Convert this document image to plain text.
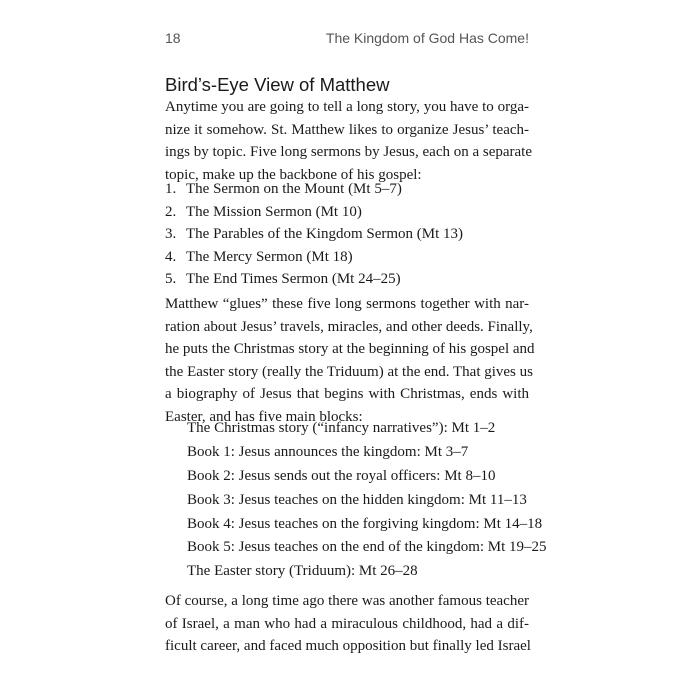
18	The Kingdom of God Has Come!
Bird’s-Eye View of Matthew
Anytime you are going to tell a long story, you have to orga-
nize it somehow. St. Matthew likes to organize Jesus’ teach-
ings by topic. Five long sermons by Jesus, each on a separate
topic, make up the backbone of his gospel:
1. The Sermon on the Mount (Mt 5–7)
2. The Mission Sermon (Mt 10)
3. The Parables of the Kingdom Sermon (Mt 13)
4. The Mercy Sermon (Mt 18)
5. The End Times Sermon (Mt 24–25)
Matthew “glues” these five long sermons together with nar-
ration about Jesus’ travels, miracles, and other deeds. Finally,
he puts the Christmas story at the beginning of his gospel and
the Easter story (really the Triduum) at the end. That gives us
a biography of Jesus that begins with Christmas, ends with
Easter, and has five main blocks:
The Christmas story (“infancy narratives”): Mt 1–2
Book 1: Jesus announces the kingdom: Mt 3–7
Book 2: Jesus sends out the royal officers: Mt 8–10
Book 3: Jesus teaches on the hidden kingdom: Mt 11–13
Book 4: Jesus teaches on the forgiving kingdom: Mt 14–18
Book 5: Jesus teaches on the end of the kingdom: Mt 19–25
The Easter story (Triduum): Mt 26–28
Of course, a long time ago there was another famous teacher
of Israel, a man who had a miraculous childhood, had a dif-
ficult career, and faced much opposition but finally led Israel
